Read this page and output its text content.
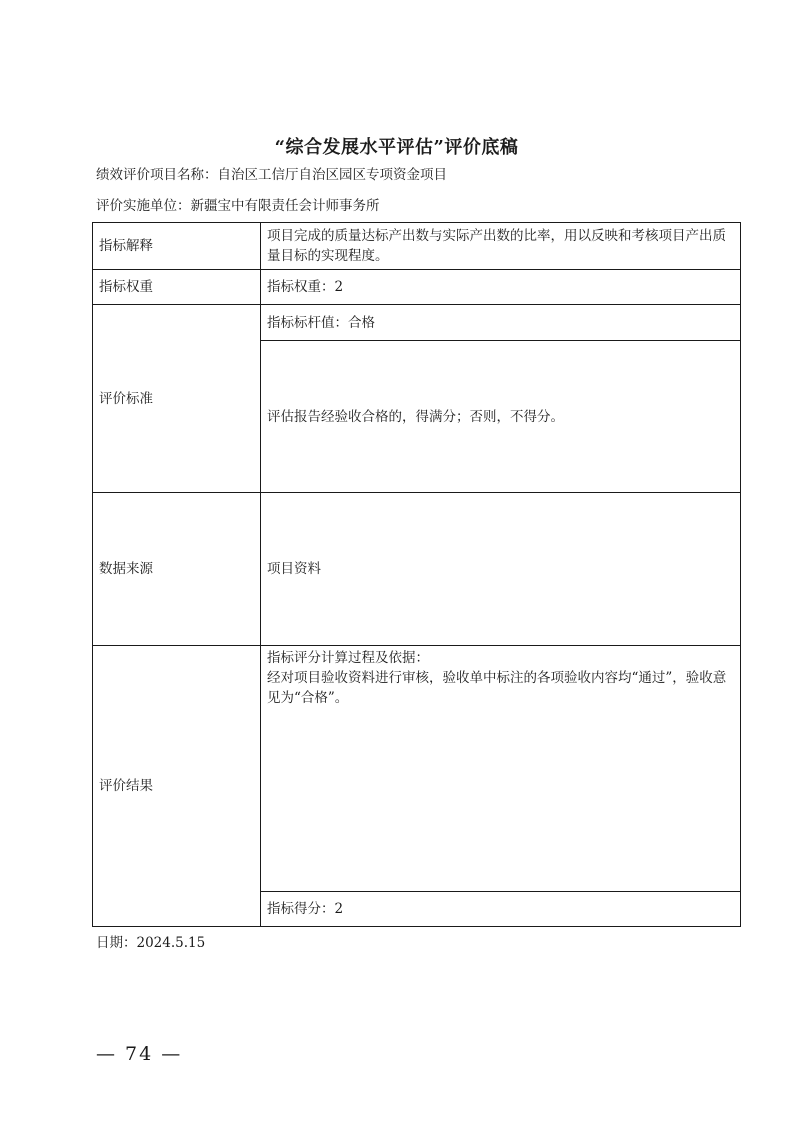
“综合发展水平评估”评价底稿
绩效评价项目名称：自治区工信厅自治区园区专项资金项目
评价实施单位：新疆宝中有限责任会计师事务所
指标解释	项目完成的质量达标产出数与实际产出数的比率，用以反映和考核项目产出质量目标的实现程度。
指标权重	指标权重：2
评价标准	指标标杆值：合格
	评估报告经验收合格的，得满分；否则，不得分。
数据来源	项目资料
评价结果	指标评分计算过程及依据：
经对项目验收资料进行审核，验收单中标注的各项验收内容均“通过”，验收意见为“合格”。

	指标得分：2
日期：2024.5.15
— 74 —
